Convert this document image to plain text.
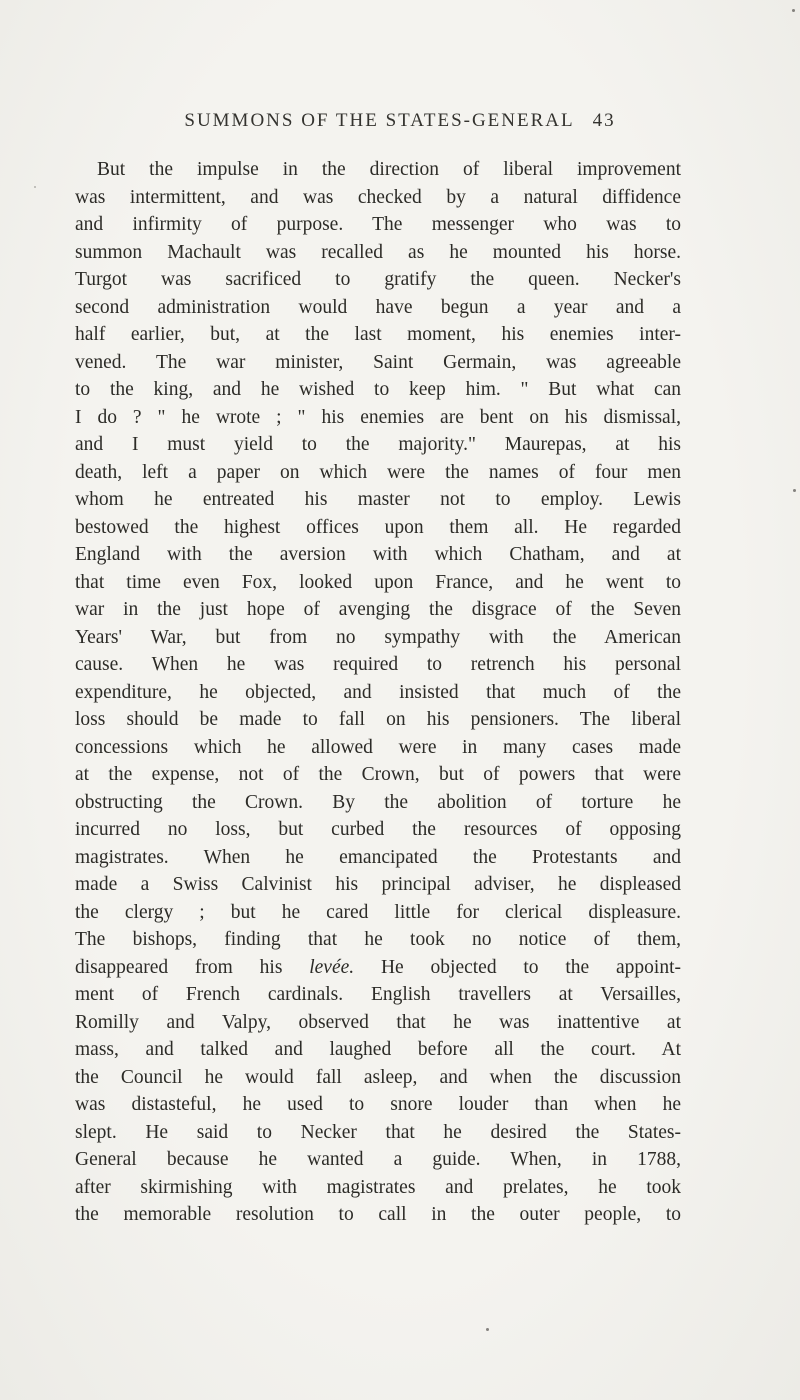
SUMMONS OF THE STATES-GENERAL 43
But the impulse in the direction of liberal improvement
was intermittent, and was checked by a natural diffidence
and infirmity of purpose. The messenger who was to
summon Machault was recalled as he mounted his horse.
Turgot was sacrificed to gratify the queen. Necker's
second administration would have begun a year and a
half earlier, but, at the last moment, his enemies inter-
vened. The war minister, Saint Germain, was agreeable
to the king, and he wished to keep him. " But what can
I do ? " he wrote ; " his enemies are bent on his dismissal,
and I must yield to the majority." Maurepas, at his
death, left a paper on which were the names of four men
whom he entreated his master not to employ. Lewis
bestowed the highest offices upon them all. He regarded
England with the aversion with which Chatham, and at
that time even Fox, looked upon France, and he went to
war in the just hope of avenging the disgrace of the Seven
Years' War, but from no sympathy with the American
cause. When he was required to retrench his personal
expenditure, he objected, and insisted that much of the
loss should be made to fall on his pensioners. The liberal
concessions which he allowed were in many cases made
at the expense, not of the Crown, but of powers that were
obstructing the Crown. By the abolition of torture he
incurred no loss, but curbed the resources of opposing
magistrates. When he emancipated the Protestants and
made a Swiss Calvinist his principal adviser, he displeased
the clergy ; but he cared little for clerical displeasure.
The bishops, finding that he took no notice of them,
disappeared from his levée. He objected to the appoint-
ment of French cardinals. English travellers at Versailles,
Romilly and Valpy, observed that he was inattentive at
mass, and talked and laughed before all the court. At
the Council he would fall asleep, and when the discussion
was distasteful, he used to snore louder than when he
slept. He said to Necker that he desired the States-
General because he wanted a guide. When, in 1788,
after skirmishing with magistrates and prelates, he took
the memorable resolution to call in the outer people, to
